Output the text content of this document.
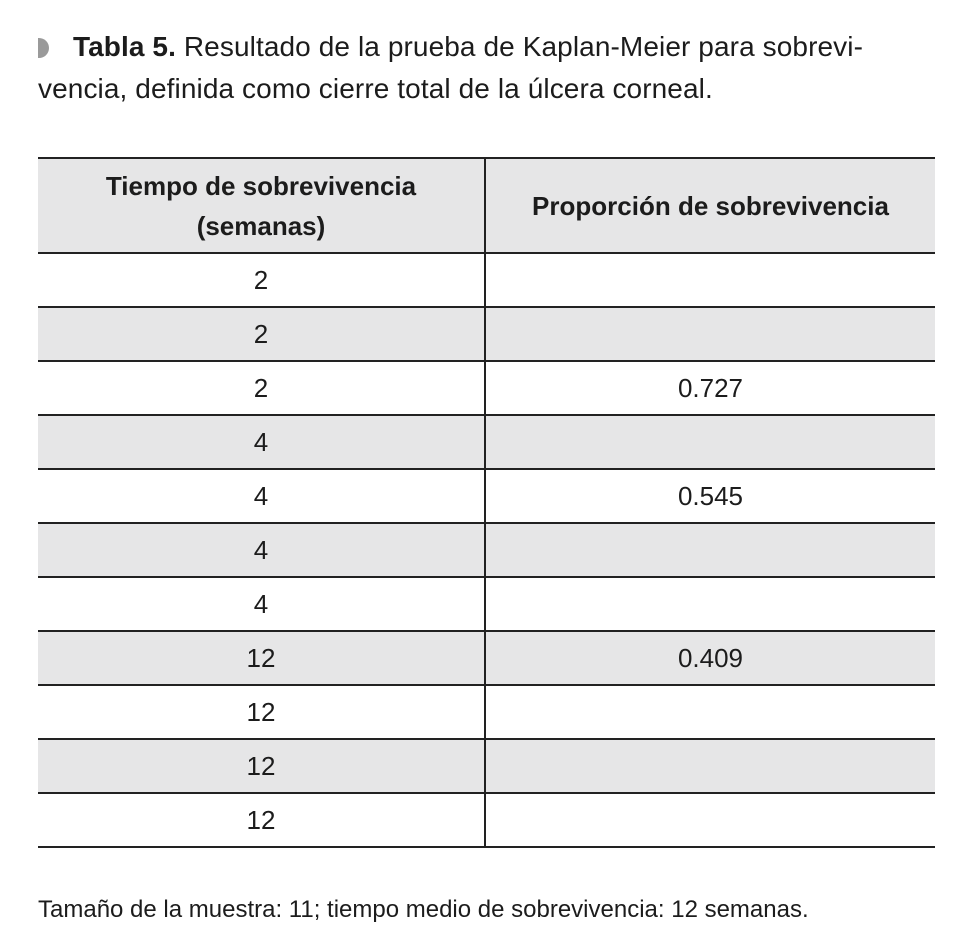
Tabla 5. Resultado de la prueba de Kaplan-Meier para sobrevi-vencia, definida como cierre total de la úlcera corneal.
Tiempo de sobrevivencia
(semanas)	Proporción de sobrevivencia
2	
2	
2	0.727
4	
4	0.545
4	
4	
12	0.409
12	
12	
12	
Tamaño de la muestra: 11; tiempo medio de sobrevivencia: 12 semanas.
